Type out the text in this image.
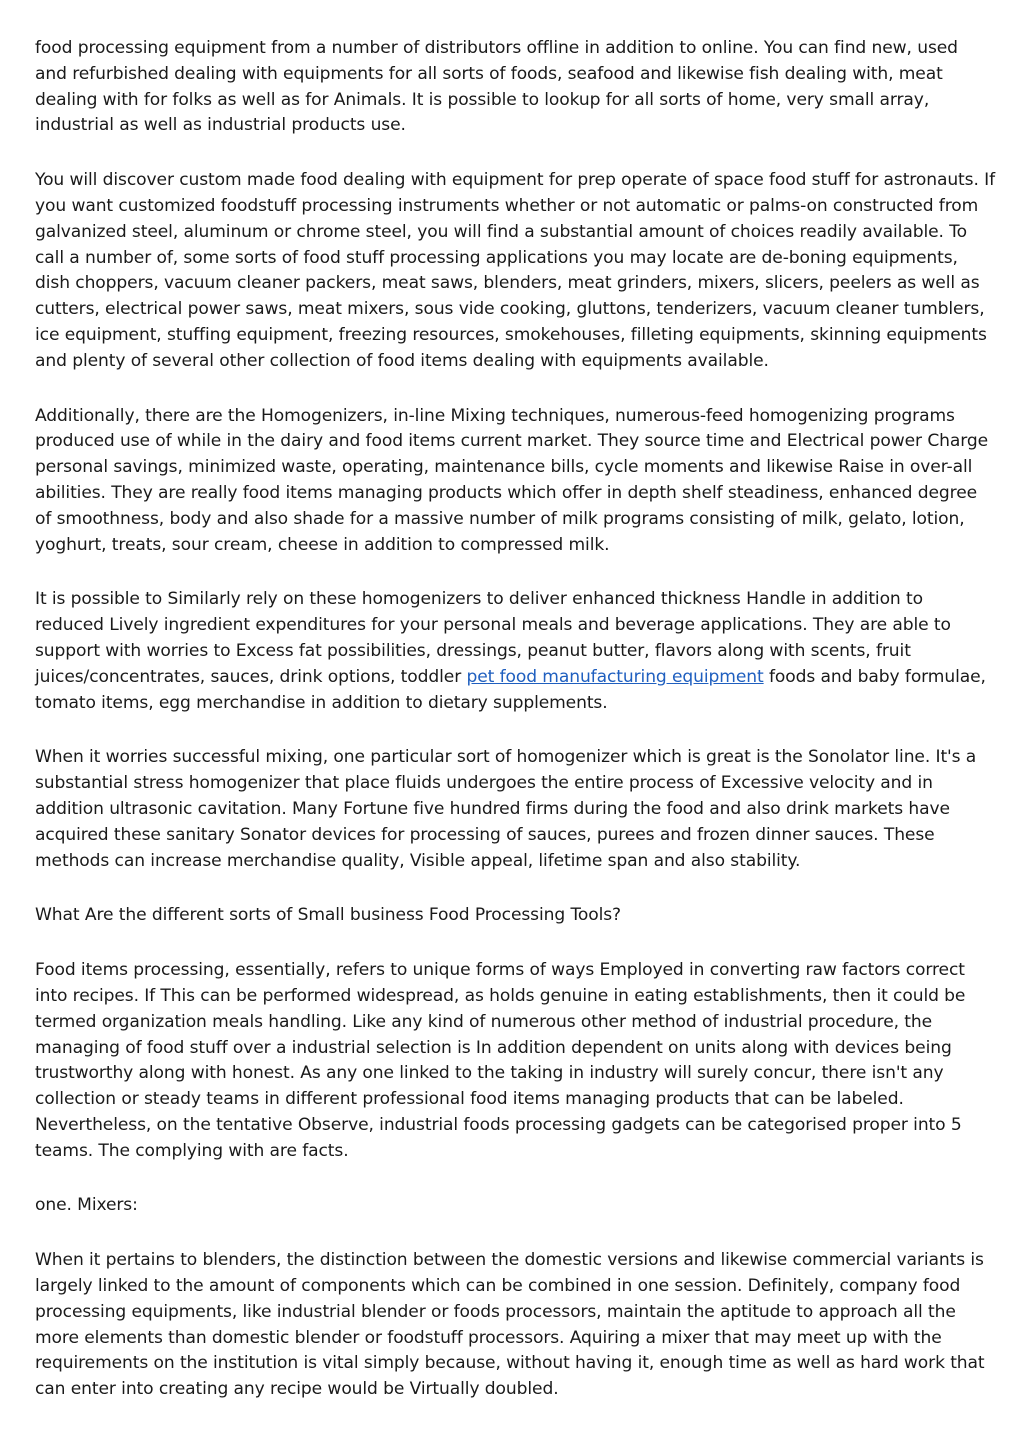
food processing equipment from a number of distributors offline in addition to online. You can find new, used and refurbished dealing with equipments for all sorts of foods, seafood and likewise fish dealing with, meat dealing with for folks as well as for Animals. It is possible to lookup for all sorts of home, very small array, industrial as well as industrial products use.

You will discover custom made food dealing with equipment for prep operate of space food stuff for astronauts. If you want customized foodstuff processing instruments whether or not automatic or palms-on constructed from galvanized steel, aluminum or chrome steel, you will find a substantial amount of choices readily available. To call a number of, some sorts of food stuff processing applications you may locate are de-boning equipments, dish choppers, vacuum cleaner packers, meat saws, blenders, meat grinders, mixers, slicers, peelers as well as cutters, electrical power saws, meat mixers, sous vide cooking, gluttons, tenderizers, vacuum cleaner tumblers, ice equipment, stuffing equipment, freezing resources, smokehouses, filleting equipments, skinning equipments and plenty of several other collection of food items dealing with equipments available.

Additionally, there are the Homogenizers, in-line Mixing techniques, numerous-feed homogenizing programs produced use of while in the dairy and food items current market. They source time and Electrical power Charge personal savings, minimized waste, operating, maintenance bills, cycle moments and likewise Raise in over-all abilities. They are really food items managing products which offer in depth shelf steadiness, enhanced degree of smoothness, body and also shade for a massive number of milk programs consisting of milk, gelato, lotion, yoghurt, treats, sour cream, cheese in addition to compressed milk.

It is possible to Similarly rely on these homogenizers to deliver enhanced thickness Handle in addition to reduced Lively ingredient expenditures for your personal meals and beverage applications. They are able to support with worries to Excess fat possibilities, dressings, peanut butter, flavors along with scents, fruit juices/concentrates, sauces, drink options, toddler pet food manufacturing equipment foods and baby formulae, tomato items, egg merchandise in addition to dietary supplements.

When it worries successful mixing, one particular sort of homogenizer which is great is the Sonolator line. It's a substantial stress homogenizer that place fluids undergoes the entire process of Excessive velocity and in addition ultrasonic cavitation. Many Fortune five hundred firms during the food and also drink markets have acquired these sanitary Sonator devices for processing of sauces, purees and frozen dinner sauces. These methods can increase merchandise quality, Visible appeal, lifetime span and also stability.

What Are the different sorts of Small business Food Processing Tools?

Food items processing, essentially, refers to unique forms of ways Employed in converting raw factors correct into recipes. If This can be performed widespread, as holds genuine in eating establishments, then it could be termed organization meals handling. Like any kind of numerous other method of industrial procedure, the managing of food stuff over a industrial selection is In addition dependent on units along with devices being trustworthy along with honest. As any one linked to the taking in industry will surely concur, there isn't any collection or steady teams in different professional food items managing products that can be labeled. Nevertheless, on the tentative Observe, industrial foods processing gadgets can be categorised proper into 5 teams. The complying with are facts.

one. Mixers:

When it pertains to blenders, the distinction between the domestic versions and likewise commercial variants is largely linked to the amount of components which can be combined in one session. Definitely, company food processing equipments, like industrial blender or foods processors, maintain the aptitude to approach all the more elements than domestic blender or foodstuff processors. Aquiring a mixer that may meet up with the requirements on the institution is vital simply because, without having it, enough time as well as hard work that can enter into creating any recipe would be Virtually doubled.
